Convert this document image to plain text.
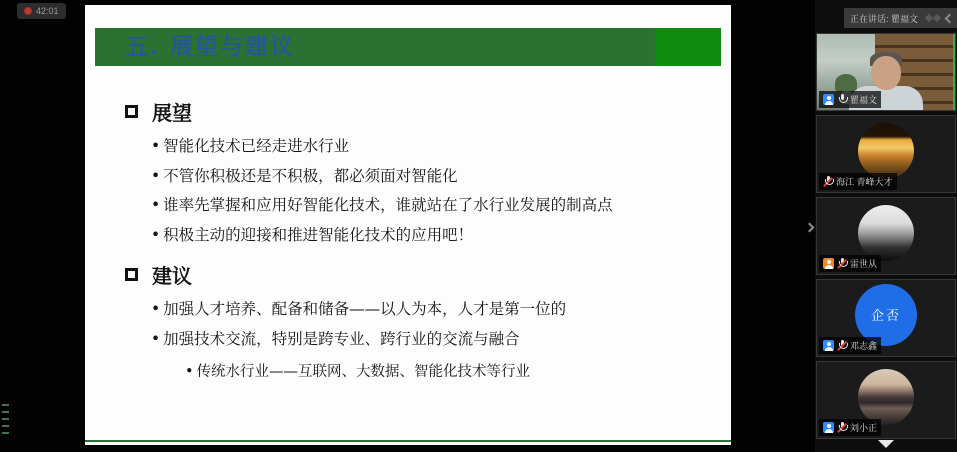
42:01
五. 展望与建议
展望
• 智能化技术已经走进水行业
• 不管你积极还是不积极，都必须面对智能化
• 谁率先掌握和应用好智能化技术，谁就站在了水行业发展的制高点
• 积极主动的迎接和推进智能化技术的应用吧！
建议
• 加强人才培养、配备和储备——以人为本，人才是第一位的
• 加强技术交流，特别是跨专业、跨行业的交流与融合
• 传统水行业——互联网、大数据、智能化技术等行业
正在讲话: 瞿福文
瞿福文
海江 青峰大才
雷世从
企否
邓志鑫
刘小正
